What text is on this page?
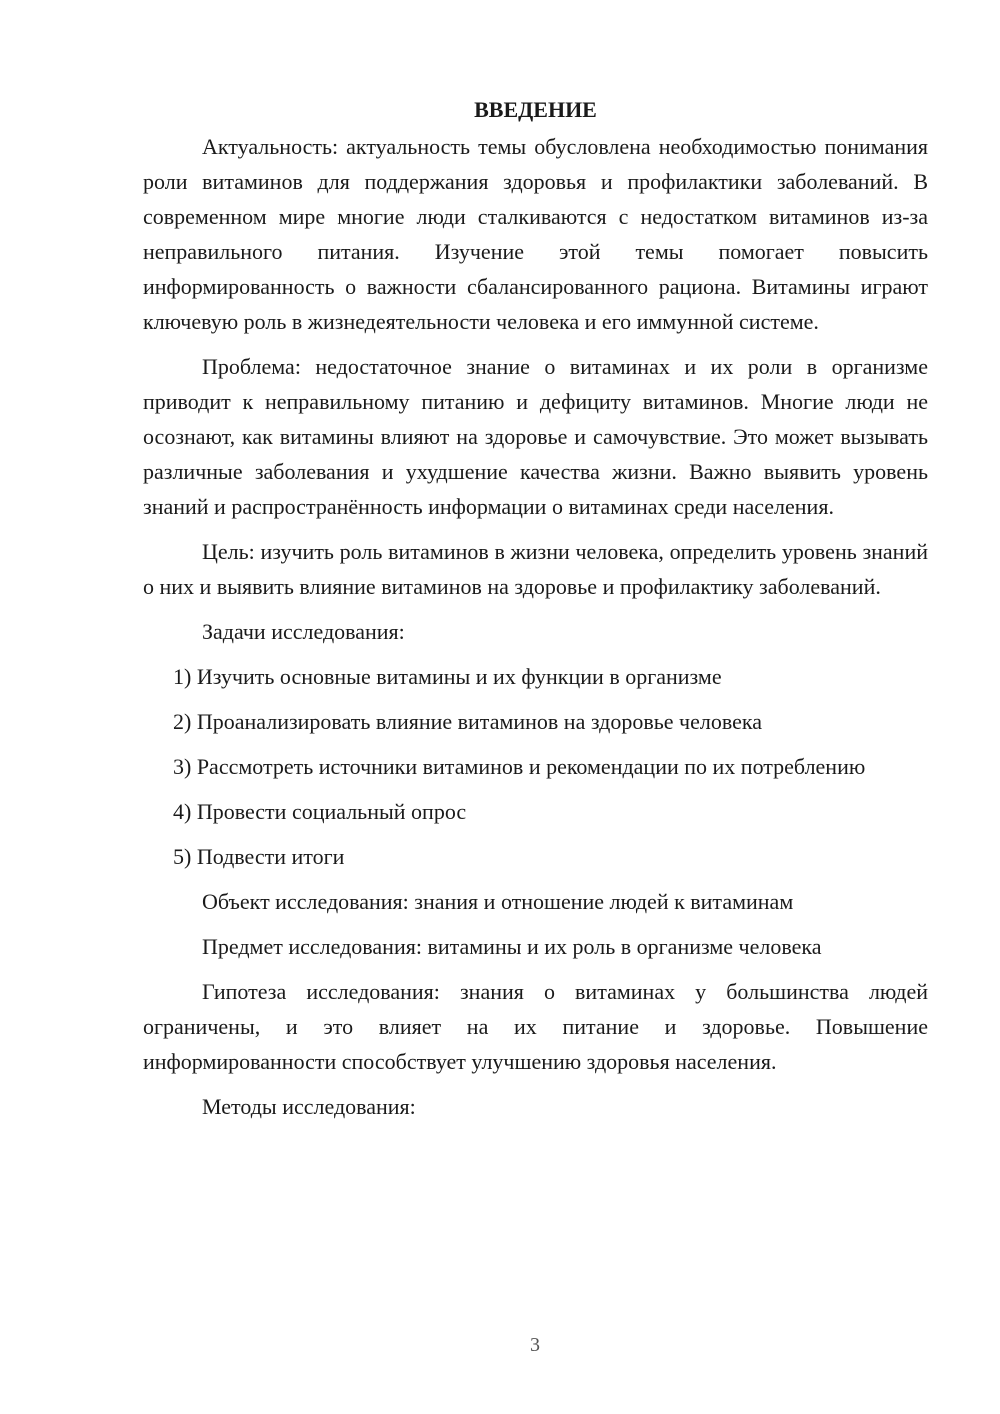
ВВЕДЕНИЕ

Актуальность: актуальность темы обусловлена необходимостью понимания роли витаминов для поддержания здоровья и профилактики заболеваний. В современном мире многие люди сталкиваются с недостатком витаминов из-за неправильного питания. Изучение этой темы помогает повысить информированность о важности сбалансированного рациона. Витамины играют ключевую роль в жизнедеятельности человека и его иммунной системе.

Проблема: недостаточное знание о витаминах и их роли в организме приводит к неправильному питанию и дефициту витаминов. Многие люди не осознают, как витамины влияют на здоровье и самочувствие. Это может вызывать различные заболевания и ухудшение качества жизни. Важно выявить уровень знаний и распространённость информации о витаминах среди населения.

Цель: изучить роль витаминов в жизни человека, определить уровень знаний о них и выявить влияние витаминов на здоровье и профилактику заболеваний.

Задачи исследования:

1) Изучить основные витамины и их функции в организме

2) Проанализировать влияние витаминов на здоровье человека

3) Рассмотреть источники витаминов и рекомендации по их потреблению

4) Провести социальный опрос

5) Подвести итоги

Объект исследования: знания и отношение людей к витаминам

Предмет исследования: витамины и их роль в организме человека

Гипотеза исследования: знания о витаминах у большинства людей ограничены, и это влияет на их питание и здоровье. Повышение информированности способствует улучшению здоровья населения.

Методы исследования:

3
